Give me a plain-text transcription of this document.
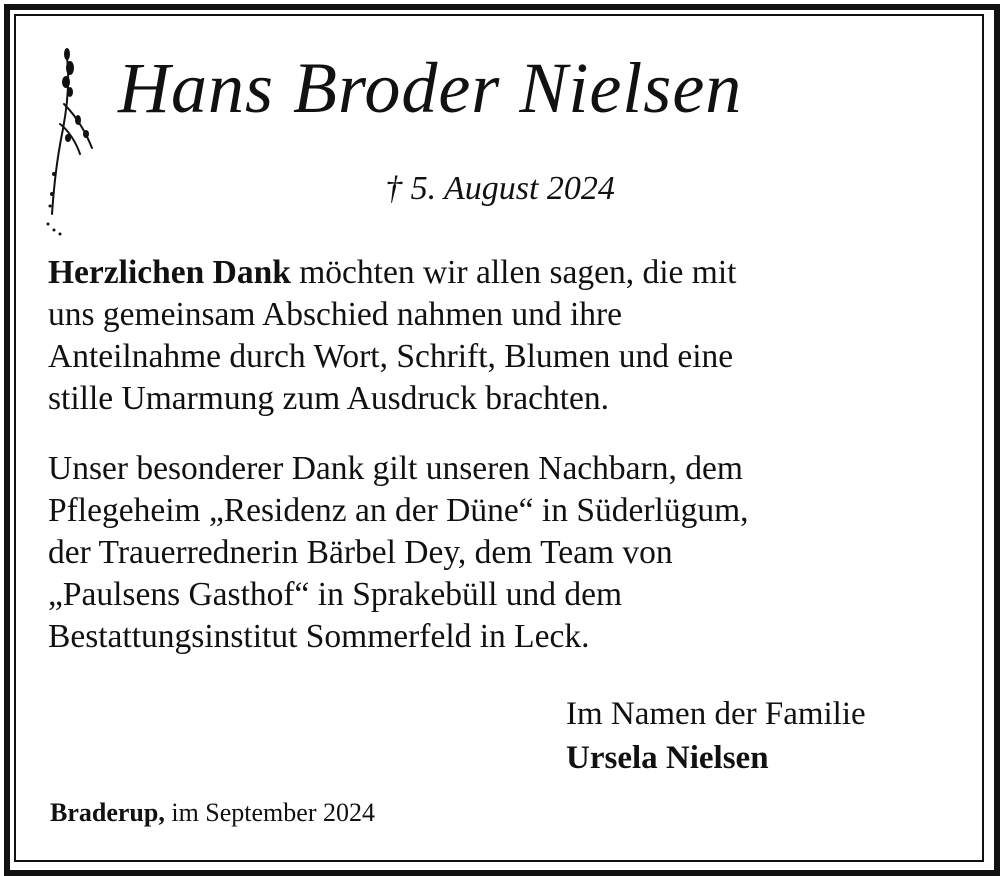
Hans Broder Nielsen
† 5. August 2024
Herzlichen Dank möchten wir allen sagen, die mit
uns gemeinsam Abschied nahmen und ihre
Anteilnahme durch Wort, Schrift, Blumen und eine
stille Umarmung zum Ausdruck brachten.
Unser besonderer Dank gilt unseren Nachbarn, dem
Pflegeheim „Residenz an der Düne“ in Süderlügum,
der Trauerrednerin Bärbel Dey, dem Team von
„Paulsens Gasthof“ in Sprakebüll und dem
Bestattungsinstitut Sommerfeld in Leck.
Im Namen der Familie
Ursela Nielsen
Braderup, im September 2024
